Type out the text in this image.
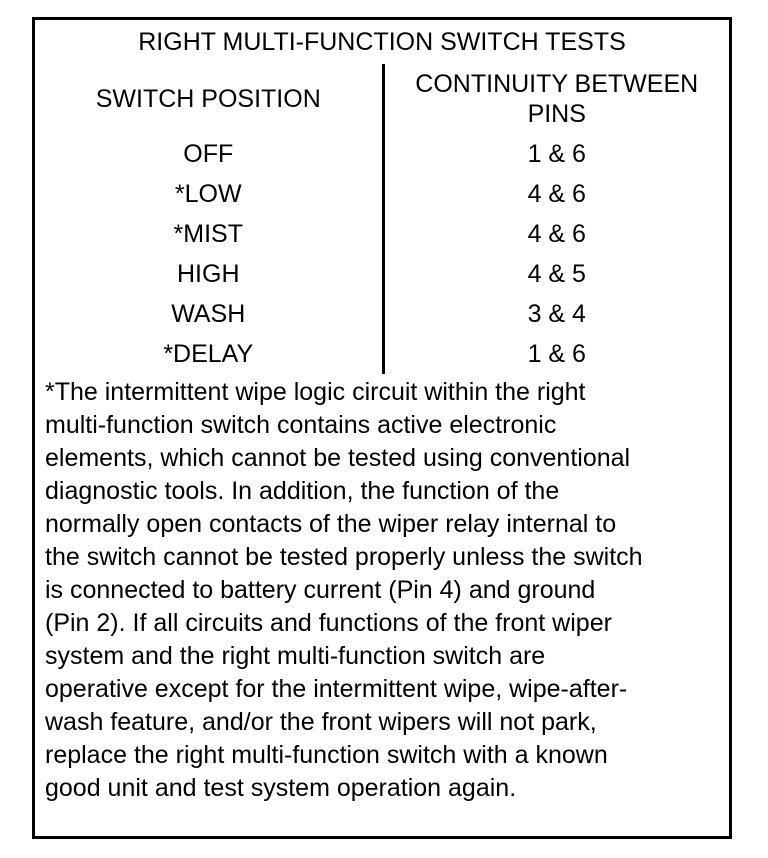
RIGHT MULTI-FUNCTION SWITCH TESTS	
SWITCH POSITION	CONTINUITY BETWEEN PINS
OFF	1 & 6
*LOW	4 & 6
*MIST	4 & 6
HIGH	4 & 5
WASH	3 & 4
*DELAY	1 & 6
*The intermittent wipe logic circuit within the right
multi-function switch contains active electronic
elements, which cannot be tested using conventional
diagnostic tools. In addition, the function of the
normally open contacts of the wiper relay internal to
the switch cannot be tested properly unless the switch
is connected to battery current (Pin 4) and ground
(Pin 2). If all circuits and functions of the front wiper
system and the right multi-function switch are
operative except for the intermittent wipe, wipe-after-
wash feature, and/or the front wipers will not park,
replace the right multi-function switch with a known
good unit and test system operation again.
